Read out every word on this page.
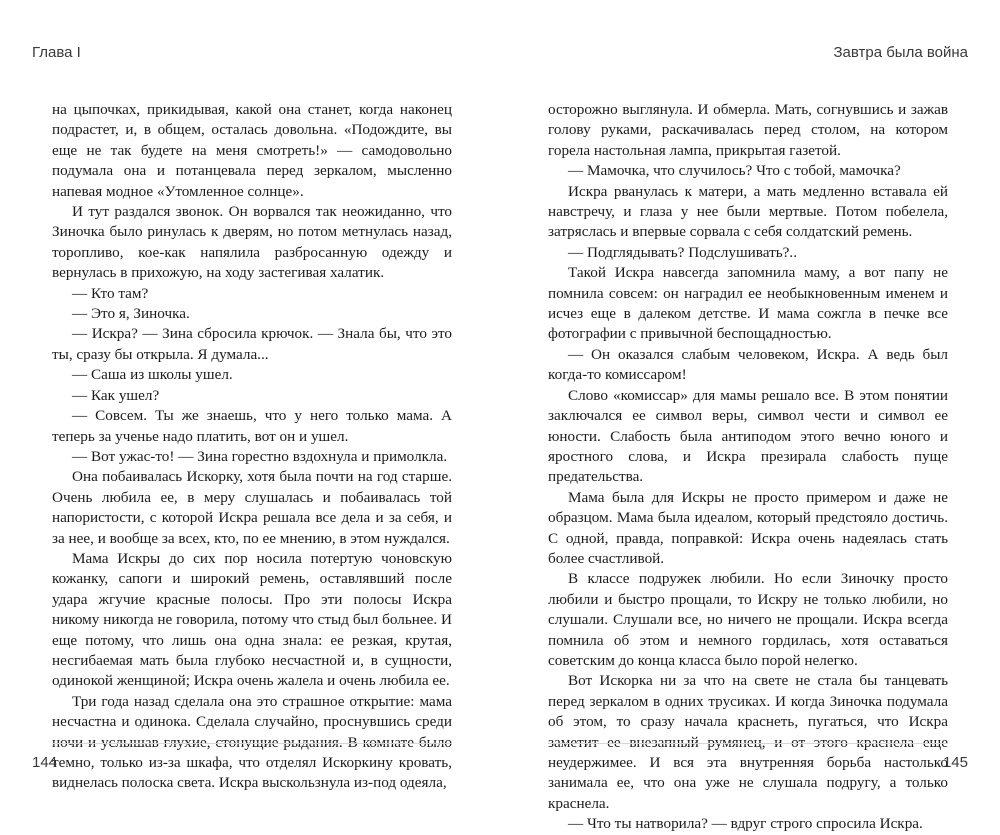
Глава I

на цыпочках, прикидывая, какой она станет, когда наконец подрастет, и, в общем, осталась довольна. «Подождите, вы еще не так будете на меня смотреть!» — самодовольно подумала она и потанцевала перед зеркалом, мысленно напевая модное «Утомленное солнце».

И тут раздался звонок. Он ворвался так неожиданно, что Зиночка было ринулась к дверям, но потом метнулась назад, торопливо, кое-как напялила разбросанную одежду и вернулась в прихожую, на ходу застегивая халатик.

— Кто там?

— Это я, Зиночка.

— Искра? — Зина сбросила крючок. — Знала бы, что это ты, сразу бы открыла. Я думала...

— Саша из школы ушел.

— Как ушел?

— Совсем. Ты же знаешь, что у него только мама. А теперь за ученье надо платить, вот он и ушел.

— Вот ужас-то! — Зина горестно вздохнула и примолкла.

Она побаивалась Искорку, хотя была почти на год старше. Очень любила ее, в меру слушалась и побаивалась той напористости, с которой Искра решала все дела и за себя, и за нее, и вообще за всех, кто, по ее мнению, в этом нуждался.

Мама Искры до сих пор носила потертую чоновскую кожанку, сапоги и широкий ремень, оставлявший после удара жгучие красные полосы. Про эти полосы Искра никому никогда не говорила, потому что стыд был больнее. И еще потому, что лишь она одна знала: ее резкая, крутая, несгибаемая мать была глубоко несчастной и, в сущности, одинокой женщиной; Искра очень жалела и очень любила ее.

Три года назад сделала она это страшное открытие: мама несчастна и одинока. Сделала случайно, проснувшись среди ночи и услышав глухие, стонущие рыдания. В комнате было темно, только из-за шкафа, что отделял Искоркину кровать, виднелась полоска света. Искра выскользнула из-под одеяла,

144
Завтра была война

осторожно выглянула. И обмерла. Мать, согнувшись и зажав голову руками, раскачивалась перед столом, на котором горела настольная лампа, прикрытая газетой.

— Мамочка, что случилось? Что с тобой, мамочка?

Искра рванулась к матери, а мать медленно вставала ей навстречу, и глаза у нее были мертвые. Потом побелела, затряслась и впервые сорвала с себя солдатский ремень.

— Подглядывать? Подслушивать?..

Такой Искра навсегда запомнила маму, а вот папу не помнила совсем: он наградил ее необыкновенным именем и исчез еще в далеком детстве. И мама сожгла в печке все фотографии с привычной беспощадностью.

— Он оказался слабым человеком, Искра. А ведь был когда-то комиссаром!

Слово «комиссар» для мамы решало все. В этом понятии заключался ее символ веры, символ чести и символ ее юности. Слабость была антиподом этого вечно юного и яростного слова, и Искра презирала слабость пуще предательства.

Мама была для Искры не просто примером и даже не образцом. Мама была идеалом, который предстояло достичь. С одной, правда, поправкой: Искра очень надеялась стать более счастливой.

В классе подружек любили. Но если Зиночку просто любили и быстро прощали, то Искру не только любили, но слушали. Слушали все, но ничего не прощали. Искра всегда помнила об этом и немного гордилась, хотя оставаться советским до конца класса было порой нелегко.

Вот Искорка ни за что на свете не стала бы танцевать перед зеркалом в одних трусиках. И когда Зиночка подумала об этом, то сразу начала краснеть, пугаться, что Искра заметит ее внезапный румянец, и от этого краснела еще неудержимее. И вся эта внутренняя борьба настолько занимала ее, что она уже не слушала подругу, а только краснела.

— Что ты натворила? — вдруг строго спросила Искра.

145
